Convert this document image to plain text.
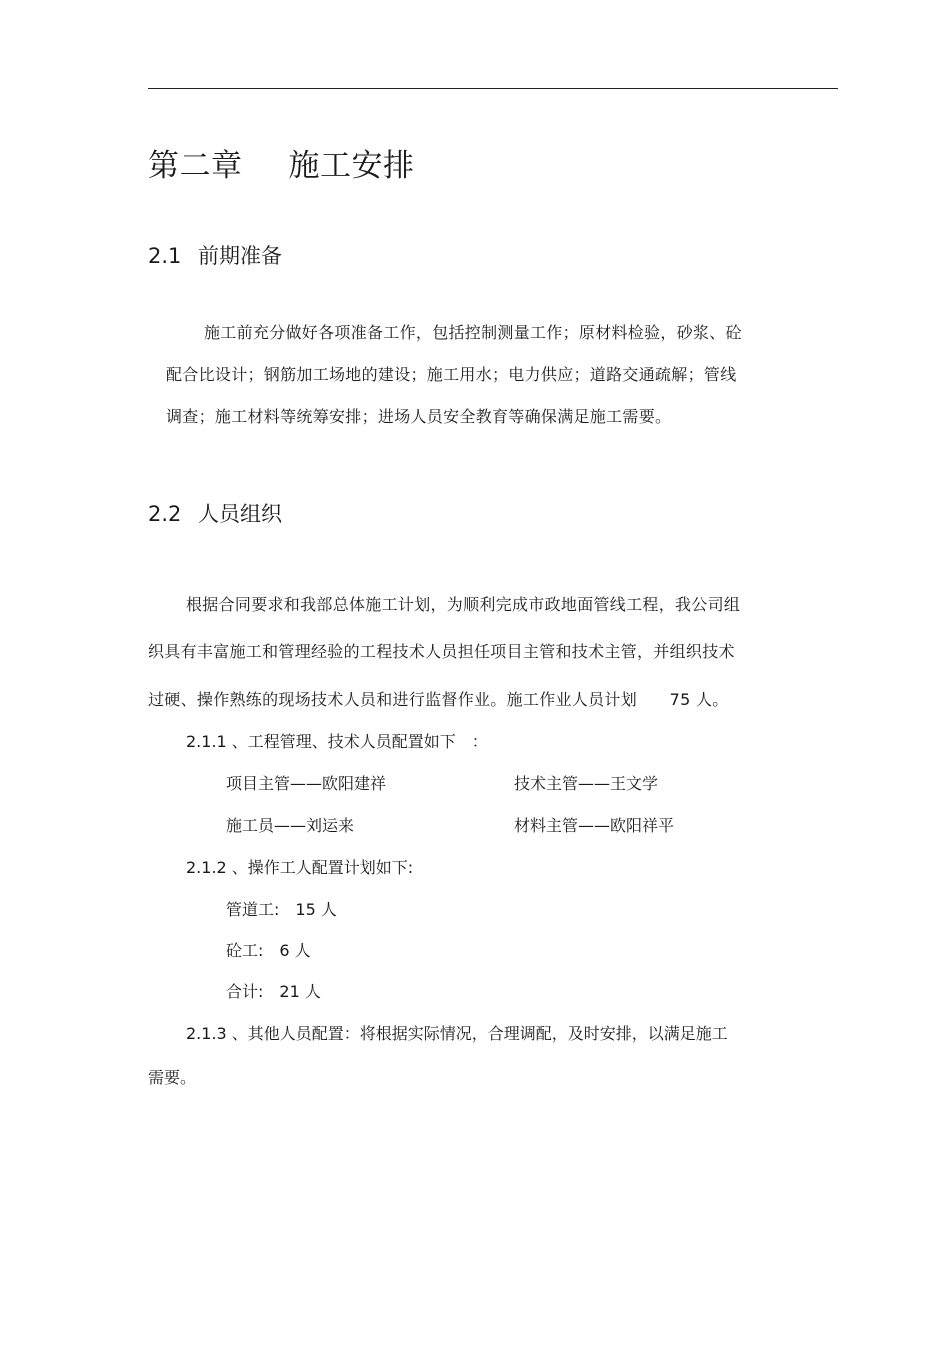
第二章 施工安排
2.1 前期准备
施工前充分做好各项准备工作，包括控制测量工作；原材料检验，砂浆、砼
配合比设计；钢筋加工场地的建设；施工用水；电力供应；道路交通疏解；管线
调查；施工材料等统筹安排；进场人员安全教育等确保满足施工需要。
2.2 人员组织
根据合同要求和我部总体施工计划，为顺利完成市政地面管线工程，我公司组
织具有丰富施工和管理经验的工程技术人员担任项目主管和技术主管，并组织技术
过硬、操作熟练的现场技术人员和进行监督作业。施工作业人员计划　　75 人。
2.1.1 、工程管理、技术人员配置如下　：
项目主管——欧阳建祥	技术主管——王文学
施工员——刘运来	材料主管——欧阳祥平
2.1.2 、操作工人配置计划如下:
管道工:　15 人
砼工:　6 人
合计:　21 人
2.1.3 、其他人员配置：将根据实际情况，合理调配，及时安排，以满足施工
需要。
